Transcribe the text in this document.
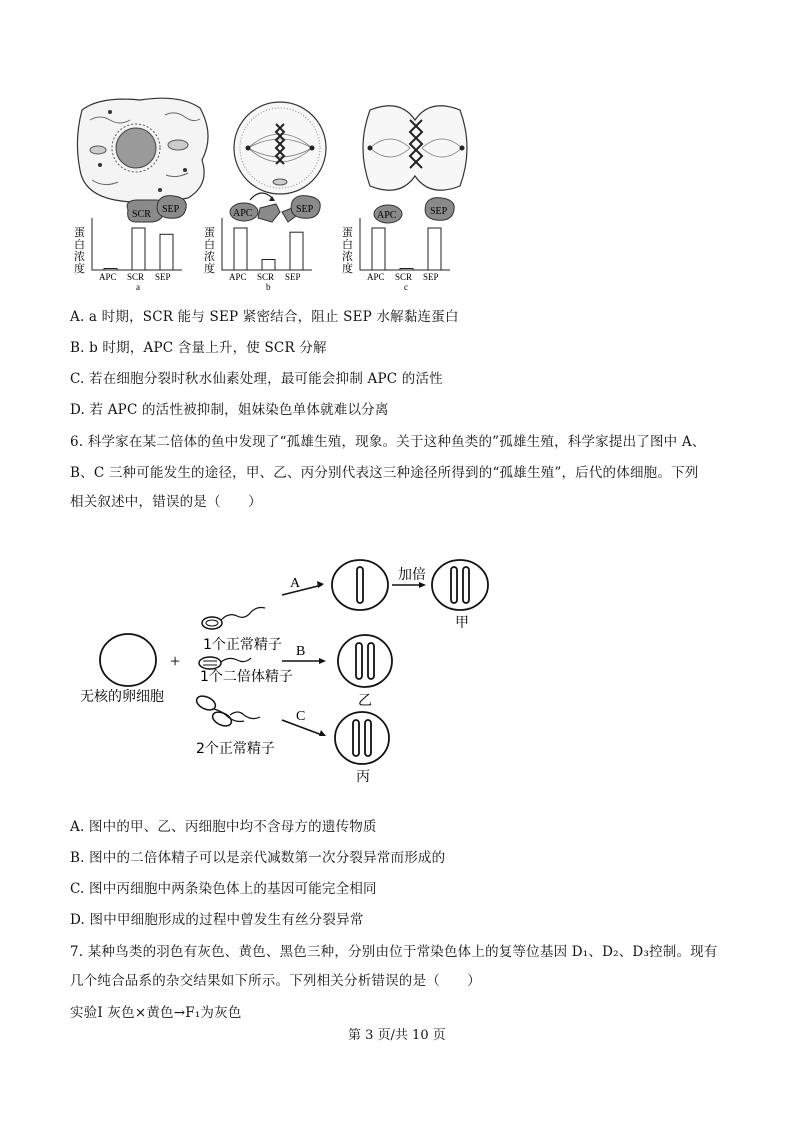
SCR SEP	APC	SEP
APC	SEP
蛋
白
浓
度
APC SCR SEP
a
蛋
白
浓
度
APC SCR SEP
b
蛋
白
浓
度
APC SCR SEP
c
A. a 时期，SCR 能与 SEP 紧密结合，阻止 SEP 水解黏连蛋白
B. b 时期，APC 含量上升，使 SCR 分解
C. 若在细胞分裂时秋水仙素处理，最可能会抑制 APC 的活性
D. 若 APC 的活性被抑制，姐妹染色单体就难以分离
6. 科学家在某二倍体的鱼中发现了“孤雄生殖，现象。关于这种鱼类的”孤雄生殖，科学家提出了图中 A、
B、C 三种可能发生的途径，甲、乙、丙分别代表这三种途径所得到的“孤雄生殖”，后代的体细胞。下列
相关叙述中，错误的是（　　）
无核的卵细胞
+
1个正常精子
1个二倍体精子
2个正常精子
A
B
C
加倍
甲
乙
丙
A. 图中的甲、乙、丙细胞中均不含母方的遗传物质
B. 图中的二倍体精子可以是亲代减数第一次分裂异常而形成的
C. 图中丙细胞中两条染色体上的基因可能完全相同
D. 图中甲细胞形成的过程中曾发生有丝分裂异常
7. 某种鸟类的羽色有灰色、黄色、黑色三种，分别由位于常染色体上的复等位基因 D₁、D₂、D₃控制。现有
几个纯合品系的杂交结果如下所示。下列相关分析错误的是（　　）
实验Ⅰ 灰色×黄色→F₁为灰色
第 3 页/共 10 页
